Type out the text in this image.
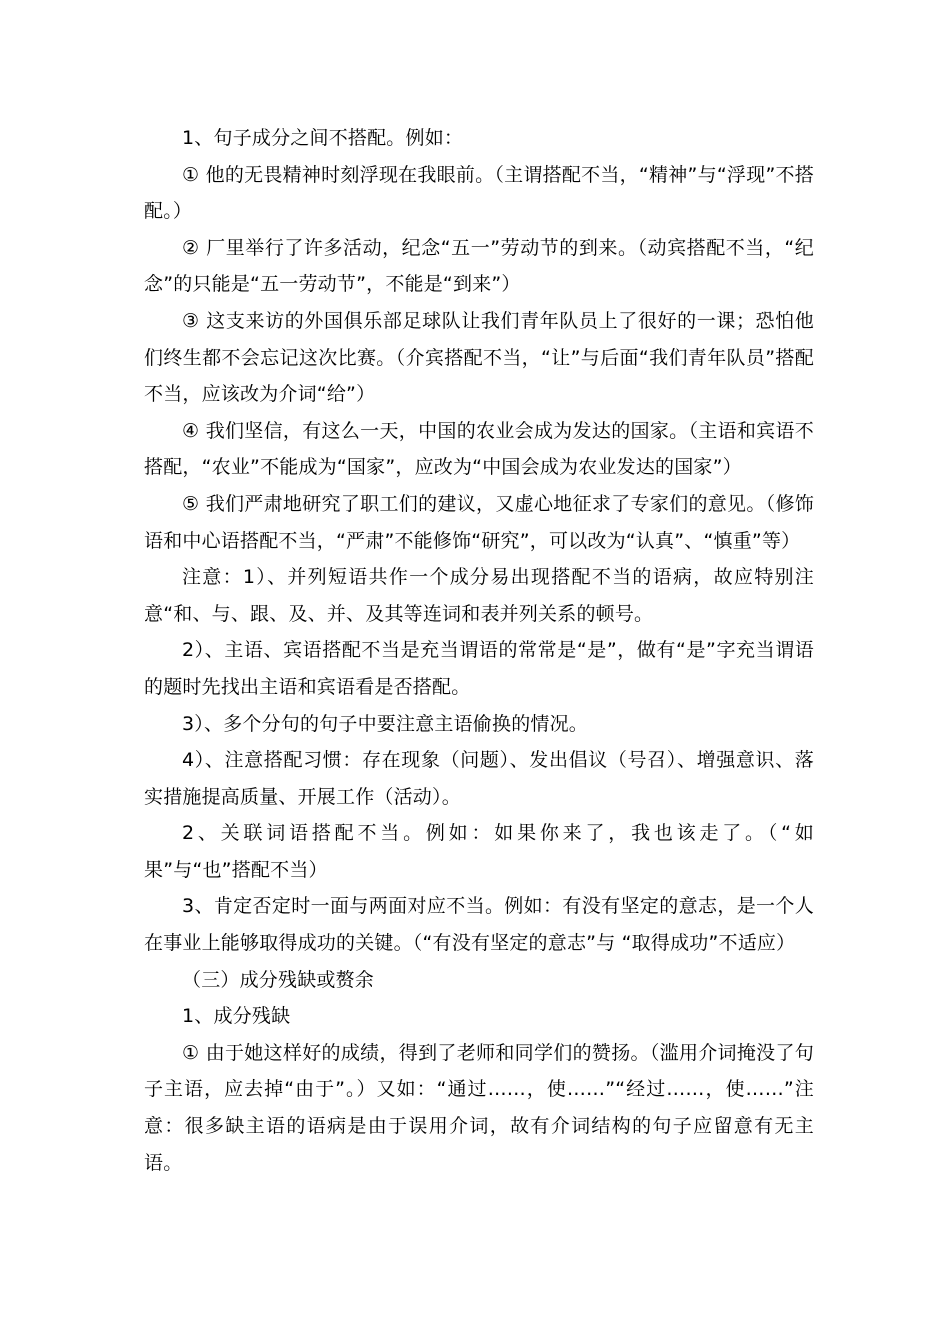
1、句子成分之间不搭配。例如：

① 他的无畏精神时刻浮现在我眼前。（主谓搭配不当，“精神”与“浮现”不搭配。）

② 厂里举行了许多活动，纪念“五一”劳动节的到来。（动宾搭配不当，“纪念”的只能是“五一劳动节”，不能是“到来”）

③ 这支来访的外国俱乐部足球队让我们青年队员上了很好的一课；恐怕他们终生都不会忘记这次比赛。（介宾搭配不当，“让”与后面“我们青年队员”搭配不当，应该改为介词“给”）

④ 我们坚信，有这么一天，中国的农业会成为发达的国家。（主语和宾语不搭配，“农业”不能成为“国家”，应改为“中国会成为农业发达的国家”）

⑤ 我们严肃地研究了职工们的建议，又虚心地征求了专家们的意见。（修饰语和中心语搭配不当，“严肃”不能修饰“研究”，可以改为“认真”、“慎重”等）

注意：1）、并列短语共作一个成分易出现搭配不当的语病，故应特别注意“和、与、跟、及、并、及其等连词和表并列关系的顿号。

2）、主语、宾语搭配不当是充当谓语的常常是“是”，做有“是”字充当谓语的题时先找出主语和宾语看是否搭配。

3）、多个分句的句子中要注意主语偷换的情况。

4）、注意搭配习惯：存在现象（问题）、发出倡议（号召）、增强意识、落实措施提高质量、开展工作（活动）。

2、关联词语搭配不当。例如：如果你来了，我也该走了。（“如果”与“也”搭配不当）

3、肯定否定时一面与两面对应不当。例如：有没有坚定的意志，是一个人在事业上能够取得成功的关键。（“有没有坚定的意志”与 “取得成功”不适应）

（三）成分残缺或赘余

1、成分残缺

① 由于她这样好的成绩，得到了老师和同学们的赞扬。（滥用介词掩没了句子主语，应去掉“由于”。）又如：“通过……，使……”“经过……，使……”注意：很多缺主语的语病是由于误用介词，故有介词结构的句子应留意有无主语。
